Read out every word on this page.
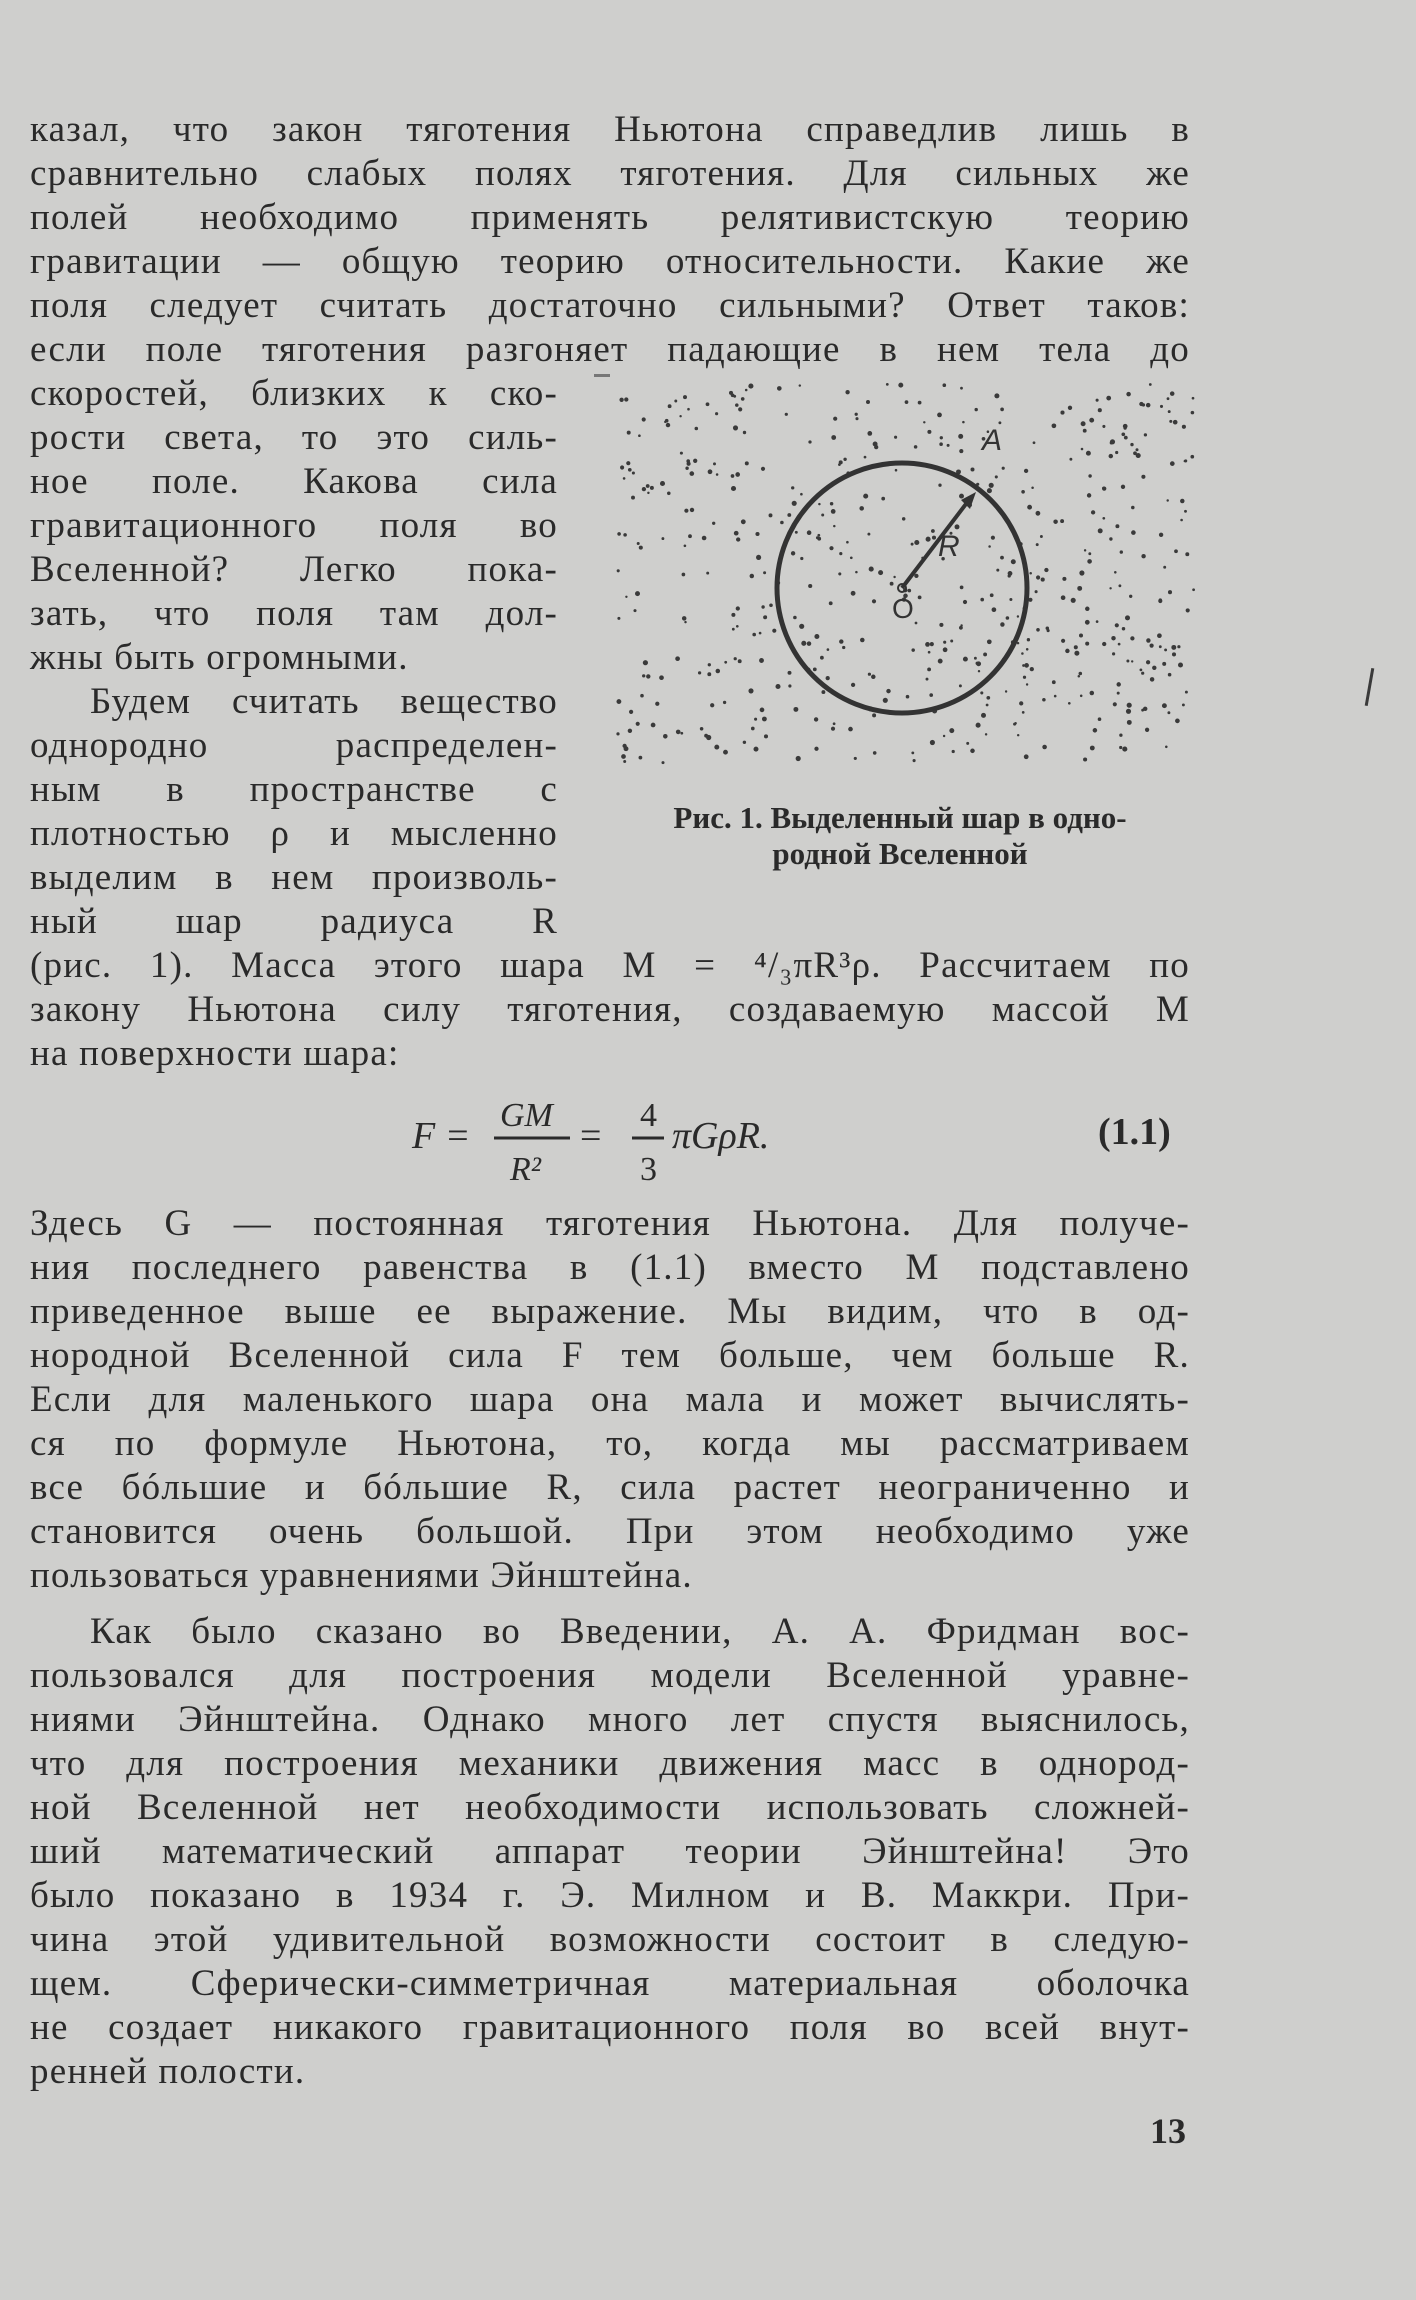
казал, что закон тяготения Ньютона справедлив лишь в
сравнительно слабых полях тяготения. Для сильных же
полей необходимо применять релятивистскую теорию
гравитации — общую теорию относительности. Какие же
поля следует считать достаточно сильными? Ответ таков:
если поле тяготения разгоняет падающие в нем тела до
скоростей, близких к ско-
рости света, то это силь-
ное поле. Какова сила
гравитационного поля во
Вселенной? Легко пока-
зать, что поля там дол-
жны быть огромными.
Будем считать вещество
однородно распределен-
ным в пространстве с
плотностью ρ и мысленно
выделим в нем произволь-
ный шар радиуса R
R
O
A
Рис. 1. Выделенный шар в одно-
родной Вселенной
(рис. 1). Масса этого шара M = ⁴/₃πR³ρ. Рассчитаем по
закону Ньютона силу тяготения, создаваемую массой M
на поверхности шара:
F = GM
R²
= 4
3
πGρR.	(1.1)
Здесь G — постоянная тяготения Ньютона. Для получе-
ния последнего равенства в (1.1) вместо M подставлено
приведенное выше ее выражение. Мы видим, что в од-
нородной Вселенной сила F тем больше, чем больше R.
Если для маленького шара она мала и может вычислять-
ся по формуле Ньютона, то, когда мы рассматриваем
все бóльшие и бóльшие R, сила растет неограниченно и
становится очень большой. При этом необходимо уже
пользоваться уравнениями Эйнштейна.
Как было сказано во Введении, А. А. Фридман вос-
пользовался для построения модели Вселенной уравне-
ниями Эйнштейна. Однако много лет спустя выяснилось,
что для построения механики движения масс в однород-
ной Вселенной нет необходимости использовать сложней-
ший математический аппарат теории Эйнштейна! Это
было показано в 1934 г. Э. Милном и В. Маккри. При-
чина этой удивительной возможности состоит в следую-
щем. Сферически-симметричная материальная оболочка
не создает никакого гравитационного поля во всей внут-
ренней полости.
13
